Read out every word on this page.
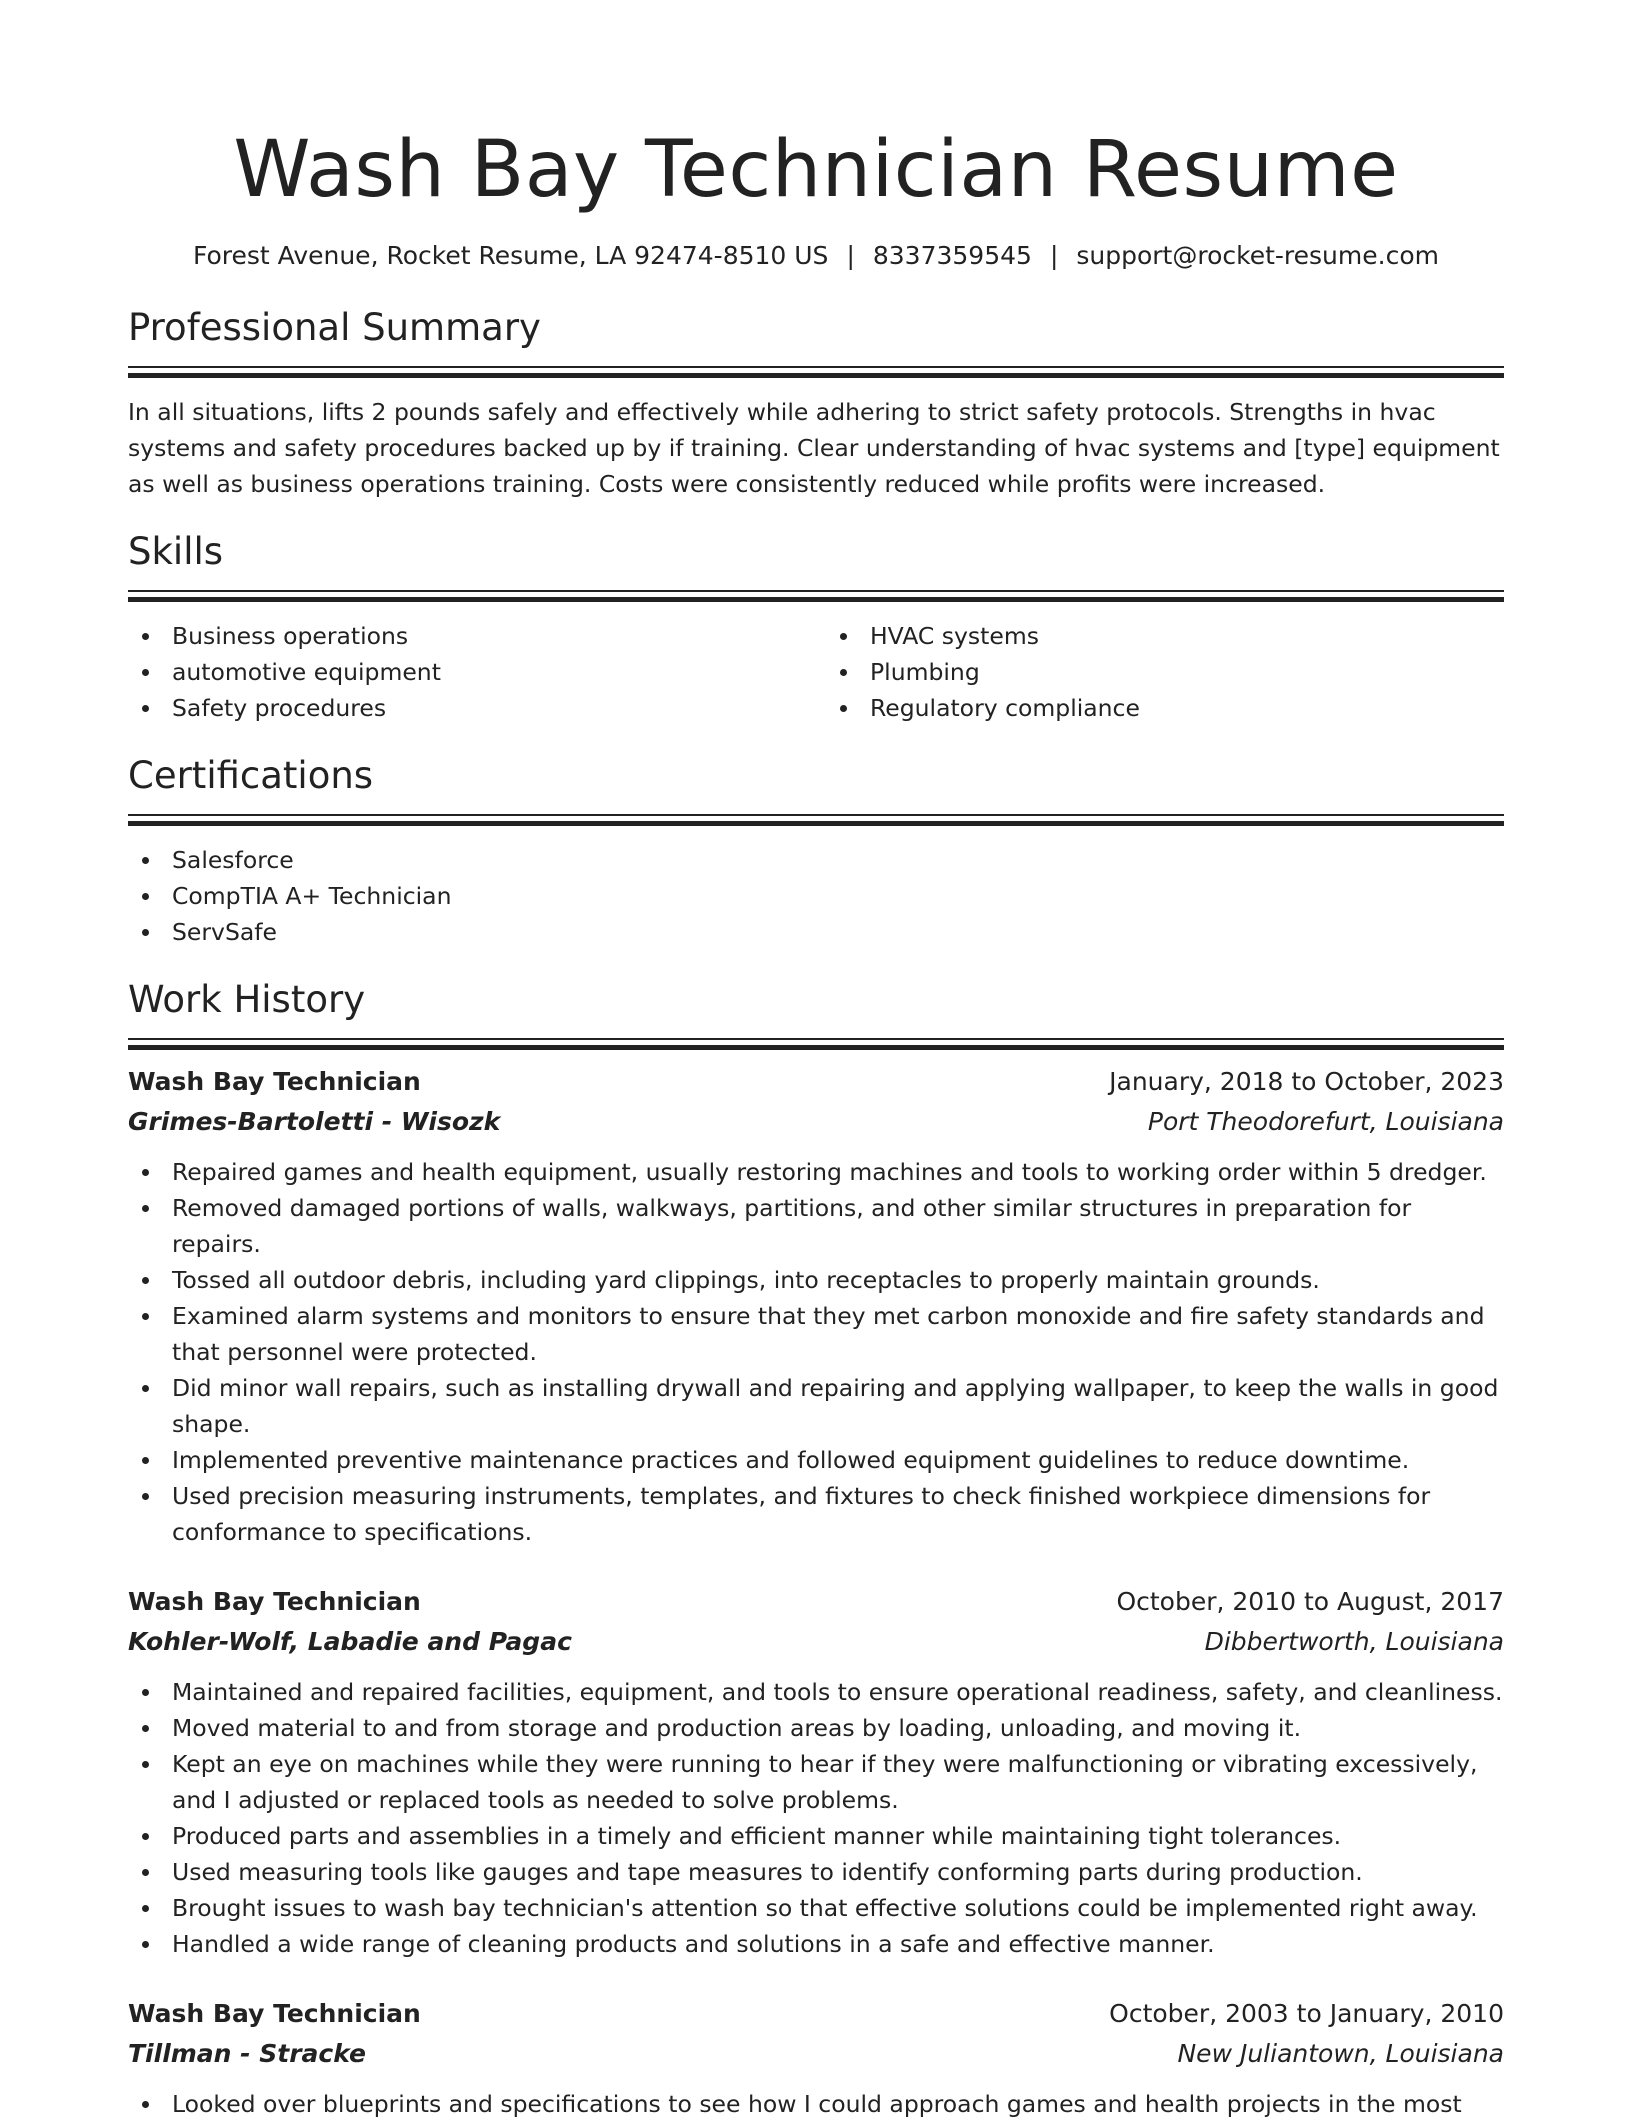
Wash Bay Technician Resume
Forest Avenue, Rocket Resume, LA 92474-8510 US | 8337359545 | support@rocket-resume.com
Professional Summary
In all situations, lifts 2 pounds safely and effectively while adhering to strict safety protocols. Strengths in hvac systems and safety procedures backed up by if training. Clear understanding of hvac systems and [type] equipment as well as business operations training. Costs were consistently reduced while profits were increased.
Skills
Business operations
automotive equipment
Safety procedures
HVAC systems
Plumbing
Regulatory compliance
Certifications
Salesforce
CompTIA A+ Technician
ServSafe
Work History
Wash Bay Technician	January, 2018 to October, 2023
Grimes-Bartoletti - Wisozk	Port Theodorefurt, Louisiana
Repaired games and health equipment, usually restoring machines and tools to working order within 5 dredger.
Removed damaged portions of walls, walkways, partitions, and other similar structures in preparation for repairs.
Tossed all outdoor debris, including yard clippings, into receptacles to properly maintain grounds.
Examined alarm systems and monitors to ensure that they met carbon monoxide and fire safety standards and that personnel were protected.
Did minor wall repairs, such as installing drywall and repairing and applying wallpaper, to keep the walls in good shape.
Implemented preventive maintenance practices and followed equipment guidelines to reduce downtime.
Used precision measuring instruments, templates, and fixtures to check finished workpiece dimensions for conformance to specifications.
Wash Bay Technician	October, 2010 to August, 2017
Kohler-Wolf, Labadie and Pagac	Dibbertworth, Louisiana
Maintained and repaired facilities, equipment, and tools to ensure operational readiness, safety, and cleanliness.
Moved material to and from storage and production areas by loading, unloading, and moving it.
Kept an eye on machines while they were running to hear if they were malfunctioning or vibrating excessively, and I adjusted or replaced tools as needed to solve problems.
Produced parts and assemblies in a timely and efficient manner while maintaining tight tolerances.
Used measuring tools like gauges and tape measures to identify conforming parts during production.
Brought issues to wash bay technician's attention so that effective solutions could be implemented right away.
Handled a wide range of cleaning products and solutions in a safe and effective manner.
Wash Bay Technician	October, 2003 to January, 2010
Tillman - Stracke	New Juliantown, Louisiana
Looked over blueprints and specifications to see how I could approach games and health projects in the most
